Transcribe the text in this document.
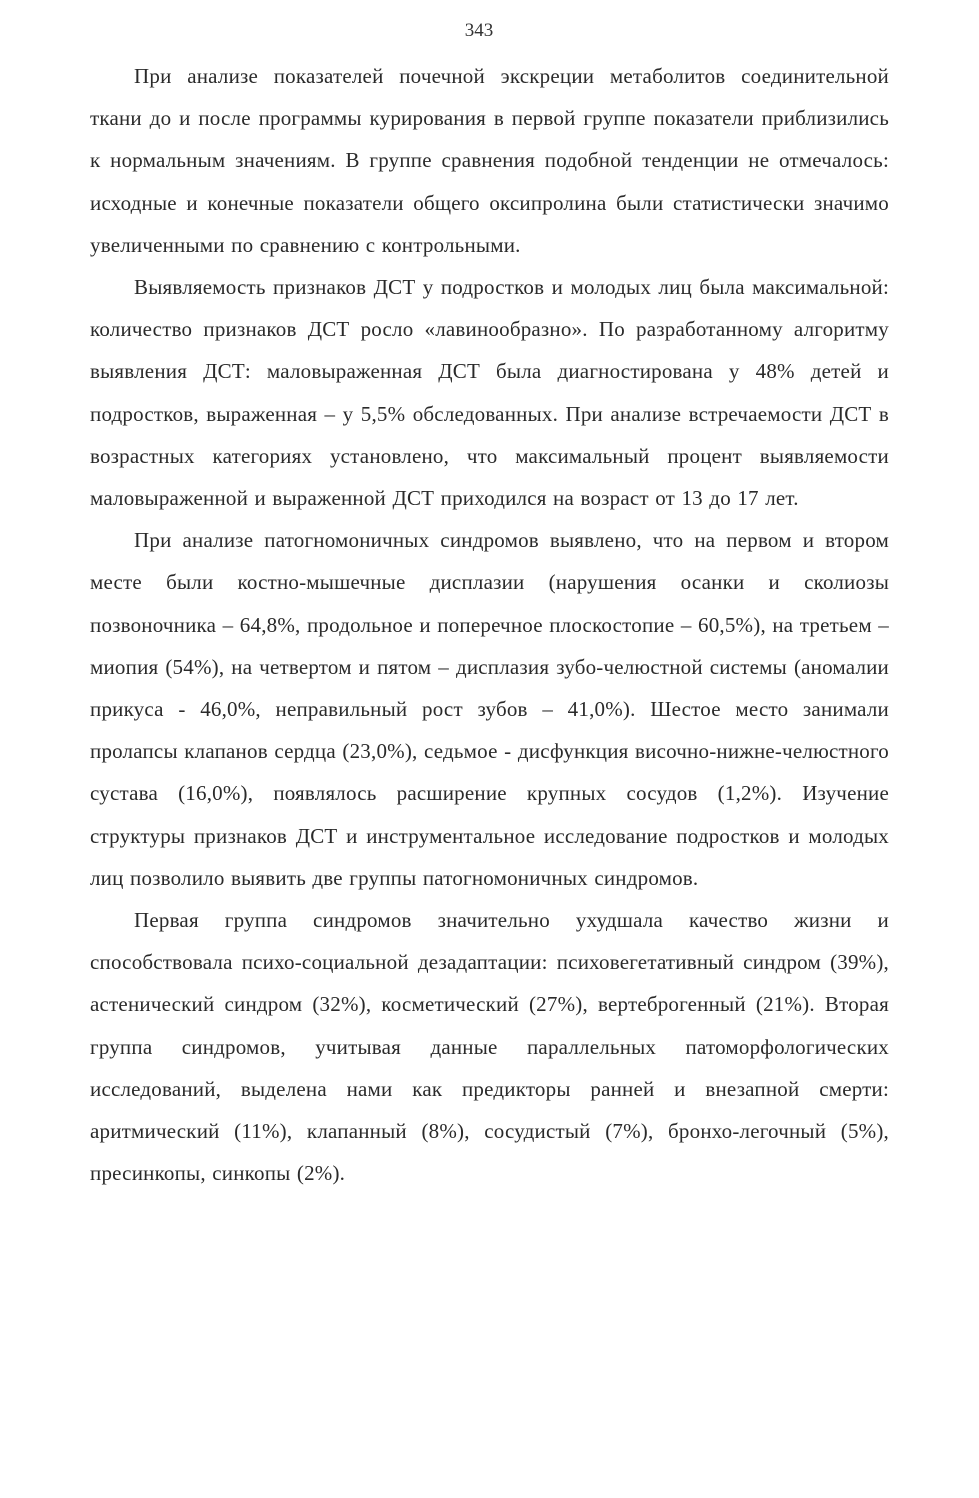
343

При анализе показателей почечной экскреции метаболитов соединительной ткани до и после программы курирования в первой группе показатели приблизились к нормальным значениям. В группе сравнения подобной тенденции не отмечалось: исходные и конечные показатели общего оксипролина были статистически значимо увеличенными по сравнению с контрольными.

Выявляемость признаков ДСТ у подростков и молодых лиц была максимальной: количество признаков ДСТ росло «лавинообразно». По разработанному алгоритму выявления ДСТ: маловыраженная ДСТ была диагностирована у 48% детей и подростков, выраженная – у 5,5% обследованных. При анализе встречаемости ДСТ в возрастных категориях установлено, что максимальный процент выявляемости маловыраженной и выраженной ДСТ приходился на возраст от 13 до 17 лет.

При анализе патогномоничных синдромов выявлено, что на первом и втором месте были костно-мышечные дисплазии (нарушения осанки и сколиозы позвоночника – 64,8%, продольное и поперечное плоскостопие – 60,5%), на третьем – миопия (54%), на четвертом и пятом – дисплазия зубо-челюстной системы (аномалии прикуса - 46,0%, неправильный рост зубов – 41,0%). Шестое место занимали пролапсы клапанов сердца (23,0%), седьмое - дисфункция височно-нижне-челюстного сустава (16,0%), появлялось расширение крупных сосудов (1,2%). Изучение структуры признаков ДСТ и инструментальное исследование подростков и молодых лиц позволило выявить две группы патогномоничных синдромов.

Первая группа синдромов значительно ухудшала качество жизни и способствовала психо-социальной дезадаптации: психовегетативный синдром (39%), астенический синдром (32%), косметический (27%), вертеброгенный (21%). Вторая группа синдромов, учитывая данные параллельных патоморфологических исследований, выделена нами как предикторы ранней и внезапной смерти: аритмический (11%), клапанный (8%), сосудистый (7%), бронхо-легочный (5%), пресинкопы, синкопы (2%).
